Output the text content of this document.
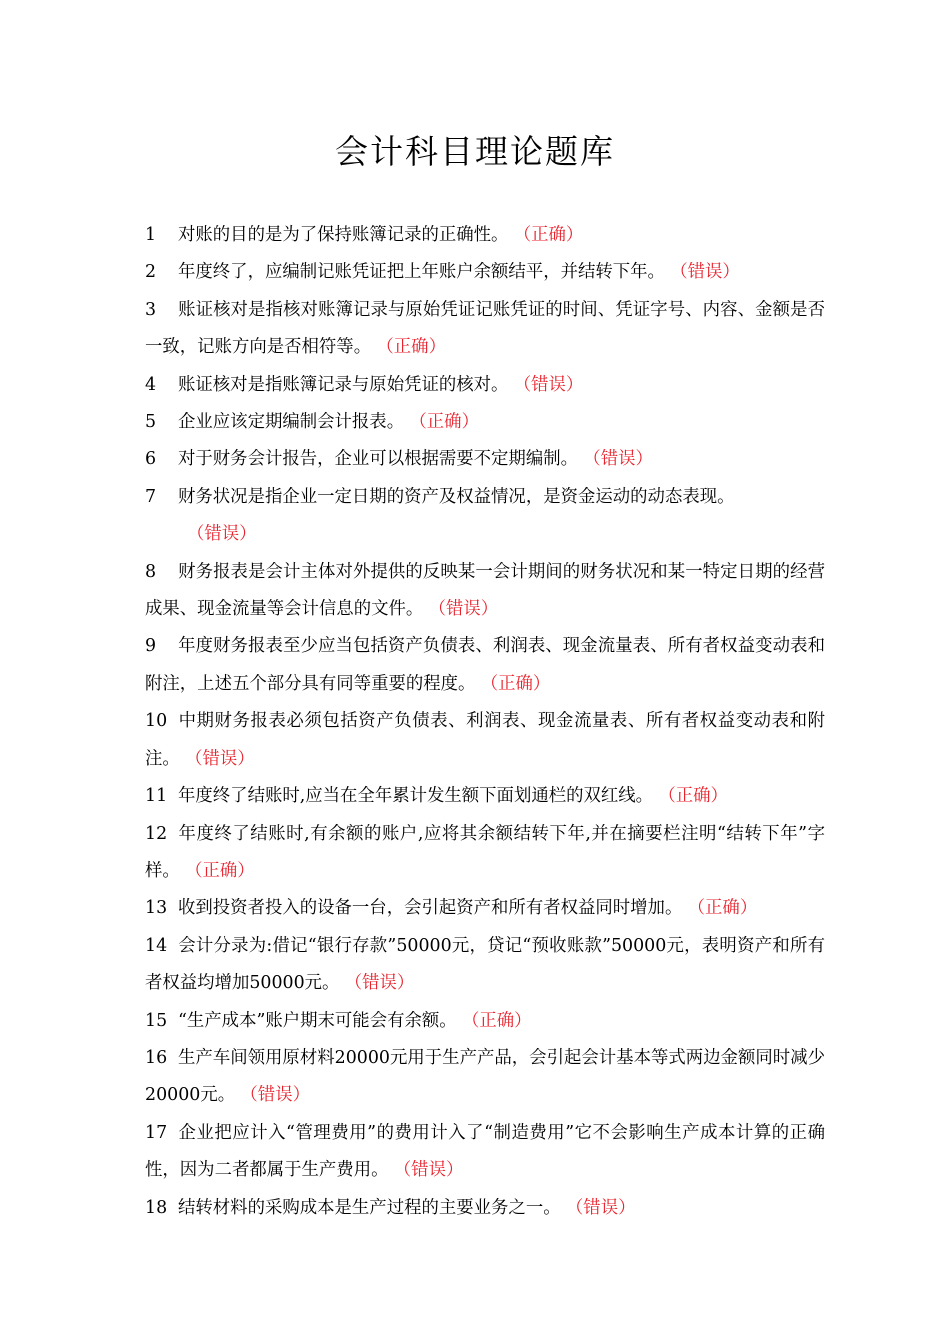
会计科目理论题库
1 对账的目的是为了保持账簿记录的正确性。 （正确）
2 年度终了，应编制记账凭证把上年账户余额结平，并结转下年。 （错误）
3 账证核对是指核对账簿记录与原始凭证记账凭证的时间、凭证字号、内容、金额是否一致，记账方向是否相符等。 （正确）
4 账证核对是指账簿记录与原始凭证的核对。 （错误）
5 企业应该定期编制会计报表。 （正确）
6 对于财务会计报告，企业可以根据需要不定期编制。 （错误）
7 财务状况是指企业一定日期的资产及权益情况，是资金运动的动态表现。
（错误）
8 财务报表是会计主体对外提供的反映某一会计期间的财务状况和某一特定日期的经营成果、现金流量等会计信息的文件。 （错误）
9 年度财务报表至少应当包括资产负债表、利润表、现金流量表、所有者权益变动表和附注，上述五个部分具有同等重要的程度。 （正确）
10 中期财务报表必须包括资产负债表、利润表、现金流量表、所有者权益变动表和附注。 （错误）
11 年度终了结账时,应当在全年累计发生额下面划通栏的双红线。 （正确）
12 年度终了结账时,有余额的账户,应将其余额结转下年,并在摘要栏注明“结转下年”字样。 （正确）
13 收到投资者投入的设备一台，会引起资产和所有者权益同时增加。 （正确）
14 会计分录为:借记“银行存款”50000元，贷记“预收账款”50000元，表明资产和所有者权益均增加50000元。 （错误）
15 “生产成本”账户期末可能会有余额。 （正确）
16 生产车间领用原材料20000元用于生产产品，会引起会计基本等式两边金额同时减少20000元。 （错误）
17 企业把应计入“管理费用”的费用计入了“制造费用”它不会影响生产成本计算的正确性，因为二者都属于生产费用。 （错误）
18 结转材料的采购成本是生产过程的主要业务之一。 （错误）
